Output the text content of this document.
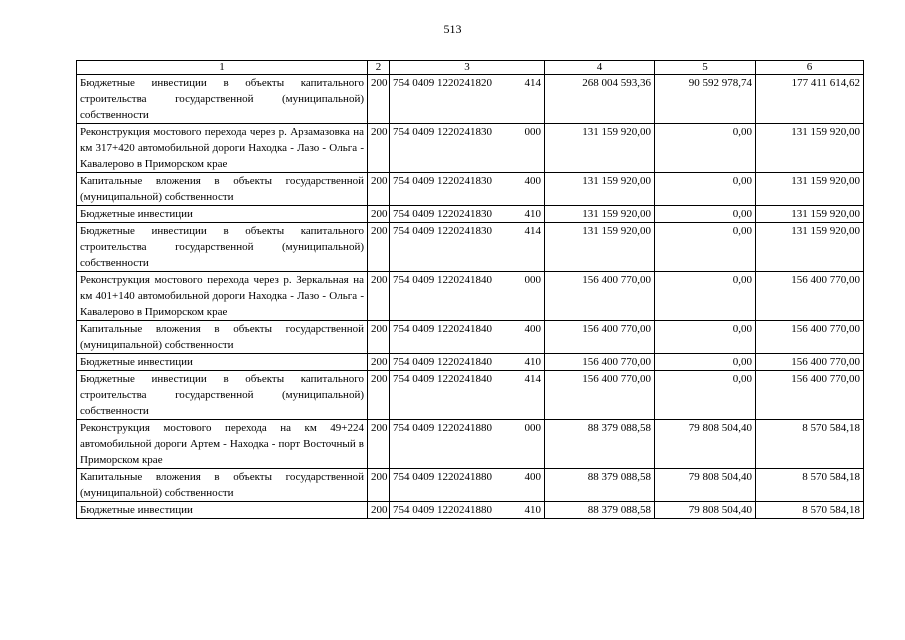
513
1	2	3	4	5	6
Бюджетные инвестиции в объекты капитального строительства государственной (муниципальной) собственности	200	754 0409 1220241820 414	268 004 593,36	90 592 978,74	177 411 614,62
Реконструкция мостового перехода через р. Арзамазовка на км 317+420 автомобильной дороги Находка - Лазо - Ольга - Кавалерово в Приморском крае	200	754 0409 1220241830 000	131 159 920,00	0,00	131 159 920,00
Капитальные вложения в объекты государственной (муниципальной) собственности	200	754 0409 1220241830 400	131 159 920,00	0,00	131 159 920,00
Бюджетные инвестиции	200	754 0409 1220241830 410	131 159 920,00	0,00	131 159 920,00
Бюджетные инвестиции в объекты капитального строительства государственной (муниципальной) собственности	200	754 0409 1220241830 414	131 159 920,00	0,00	131 159 920,00
Реконструкция мостового перехода через р. Зеркальная на км 401+140 автомобильной дороги Находка - Лазо - Ольга - Кавалерово в Приморском крае	200	754 0409 1220241840 000	156 400 770,00	0,00	156 400 770,00
Капитальные вложения в объекты государственной (муниципальной) собственности	200	754 0409 1220241840 400	156 400 770,00	0,00	156 400 770,00
Бюджетные инвестиции	200	754 0409 1220241840 410	156 400 770,00	0,00	156 400 770,00
Бюджетные инвестиции в объекты капитального строительства государственной (муниципальной) собственности	200	754 0409 1220241840 414	156 400 770,00	0,00	156 400 770,00
Реконструкция мостового перехода на км 49+224 автомобильной дороги Артем - Находка - порт Восточный в Приморском крае	200	754 0409 1220241880 000	88 379 088,58	79 808 504,40	8 570 584,18
Капитальные вложения в объекты государственной (муниципальной) собственности	200	754 0409 1220241880 400	88 379 088,58	79 808 504,40	8 570 584,18
Бюджетные инвестиции	200	754 0409 1220241880 410	88 379 088,58	79 808 504,40	8 570 584,18
